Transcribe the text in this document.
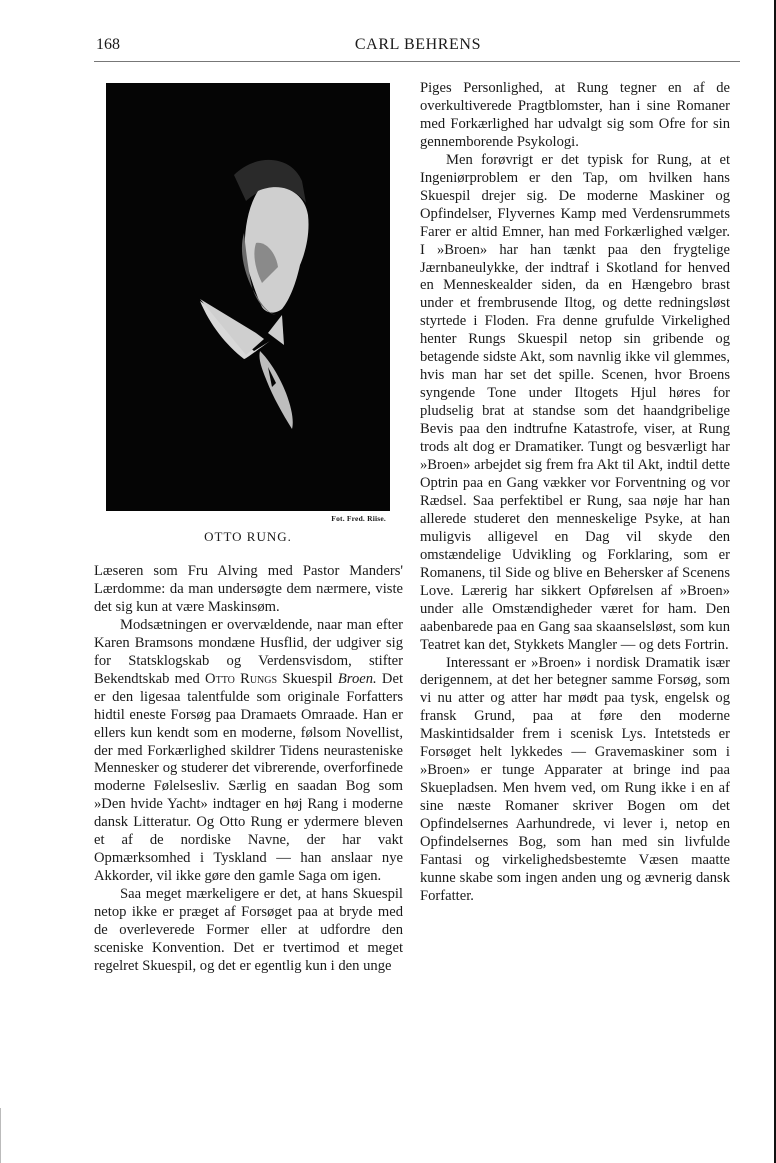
168	CARL BEHRENS
Fot. Fred. Riise.
OTTO RUNG.

Læseren som Fru Alving med Pastor Manders' Lærdomme: da man undersøgte dem nærmere, viste det sig kun at være Maskinsøm.

Modsætningen er overvældende, naar man efter Karen Bramsons mondæne Husflid, der udgiver sig for Statsklogskab og Verdensvisdom, stifter Bekendtskab med Otto Rungs Skuespil Broen. Det er den ligesaa talentfulde som originale Forfatters hidtil eneste Forsøg paa Dramaets Omraade. Han er ellers kun kendt som en moderne, følsom Novellist, der med Forkærlighed skildrer Tidens neurasteniske Mennesker og studerer det vibrerende, overforfinede moderne Følelsesliv. Særlig en saadan Bog som »Den hvide Yacht» indtager en høj Rang i moderne dansk Litteratur. Og Otto Rung er ydermere bleven et af de nordiske Navne, der har vakt Opmærksomhed i Tyskland — han anslaar nye Akkorder, vil ikke gøre den gamle Saga om igen.

Saa meget mærkeligere er det, at hans Skuespil netop ikke er præget af Forsøget paa at bryde med de overleverede Former eller at udfordre den sceniske Konvention. Det er tvertimod et meget regelret Skuespil, og det er egentlig kun i den unge

Piges Personlighed, at Rung tegner en af de overkultiverede Pragtblomster, han i sine Romaner med Forkærlighed har udvalgt sig som Ofre for sin gennemborende Psykologi.

Men forøvrigt er det typisk for Rung, at et Ingeniørproblem er den Tap, om hvilken hans Skuespil drejer sig. De moderne Maskiner og Opfindelser, Flyvernes Kamp med Verdensrummets Farer er altid Emner, han med Forkærlighed vælger. I »Broen» har han tænkt paa den frygtelige Jærnbaneulykke, der indtraf i Skotland for henved en Menneskealder siden, da en Hængebro brast under et frembrusende Iltog, og dette redningsløst styrtede i Floden. Fra denne grufulde Virkelighed henter Rungs Skuespil netop sin gribende og betagende sidste Akt, som navnlig ikke vil glemmes, hvis man har set det spille. Scenen, hvor Broens syngende Tone under Iltogets Hjul høres for pludselig brat at standse som det haandgribelige Bevis paa den indtrufne Katastrofe, viser, at Rung trods alt dog er Dramatiker. Tungt og besværligt har »Broen» arbejdet sig frem fra Akt til Akt, indtil dette Optrin paa en Gang vækker vor Forventning og vor Rædsel. Saa perfektibel er Rung, saa nøje har han allerede studeret den menneskelige Psyke, at han muligvis alligevel en Dag vil skyde den omstændelige Udvikling og Forklaring, som er Romanens, til Side og blive en Behersker af Scenens Love. Lærerig har sikkert Opførelsen af »Broen» under alle Omstændigheder været for ham. Den aabenbarede paa en Gang saa skaanselsløst, som kun Teatret kan det, Stykkets Mangler — og dets Fortrin.

Interessant er »Broen» i nordisk Dramatik især derigennem, at det her betegner samme Forsøg, som vi nu atter og atter har mødt paa tysk, engelsk og fransk Grund, paa at føre den moderne Maskintidsalder frem i scenisk Lys. Intetsteds er Forsøget helt lykkedes — Gravemaskiner som i »Broen» er tunge Apparater at bringe ind paa Skuepladsen. Men hvem ved, om Rung ikke i en af sine næste Romaner skriver Bogen om det Opfindelsernes Aarhundrede, vi lever i, netop en Opfindelsernes Bog, som han med sin livfulde Fantasi og virkelighedsbestemte Væsen maatte kunne skabe som ingen anden ung og ævnerig dansk Forfatter.
